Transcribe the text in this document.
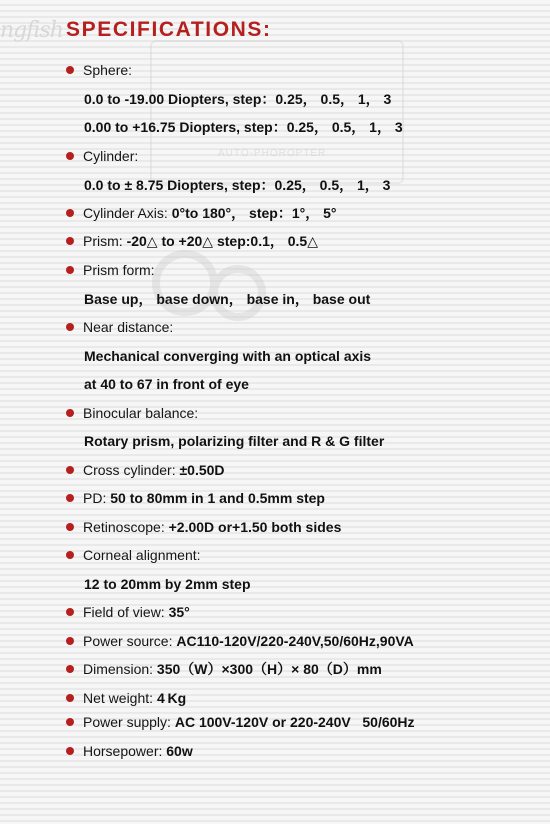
ngfish
AUTO-PHOROPTER
SPECIFICATIONS:
Sphere:
0.0 to -19.00 Diopters, step：0.25， 0.5， 1， 3
0.00 to +16.75 Diopters, step：0.25， 0.5， 1， 3
Cylinder:
0.0 to ± 8.75 Diopters, step：0.25， 0.5， 1， 3
Cylinder Axis: 0°to 180°， step：1°， 5°
Prism: -20△ to +20△ step:0.1， 0.5△
Prism form:
Base up， base down， base in， base out
Near distance:
Mechanical converging with an optical axis
at 40 to 67 in front of eye
Binocular balance:
Rotary prism, polarizing filter and R & G filter
Cross cylinder: ±0.50D
PD: 50 to 80mm in 1 and 0.5mm step
Retinoscope: +2.00D or+1.50 both sides
Corneal alignment:
12 to 20mm by 2mm step
Field of view: 35°
Power source: AC110-120V/220-240V,50/60Hz,90VA
Dimension: 350（W）×300（H）× 80（D）mm
Net weight: 4 Kg
Power supply: AC 100V-120V or 220-240V   50/60Hz
Horsepower: 60w
